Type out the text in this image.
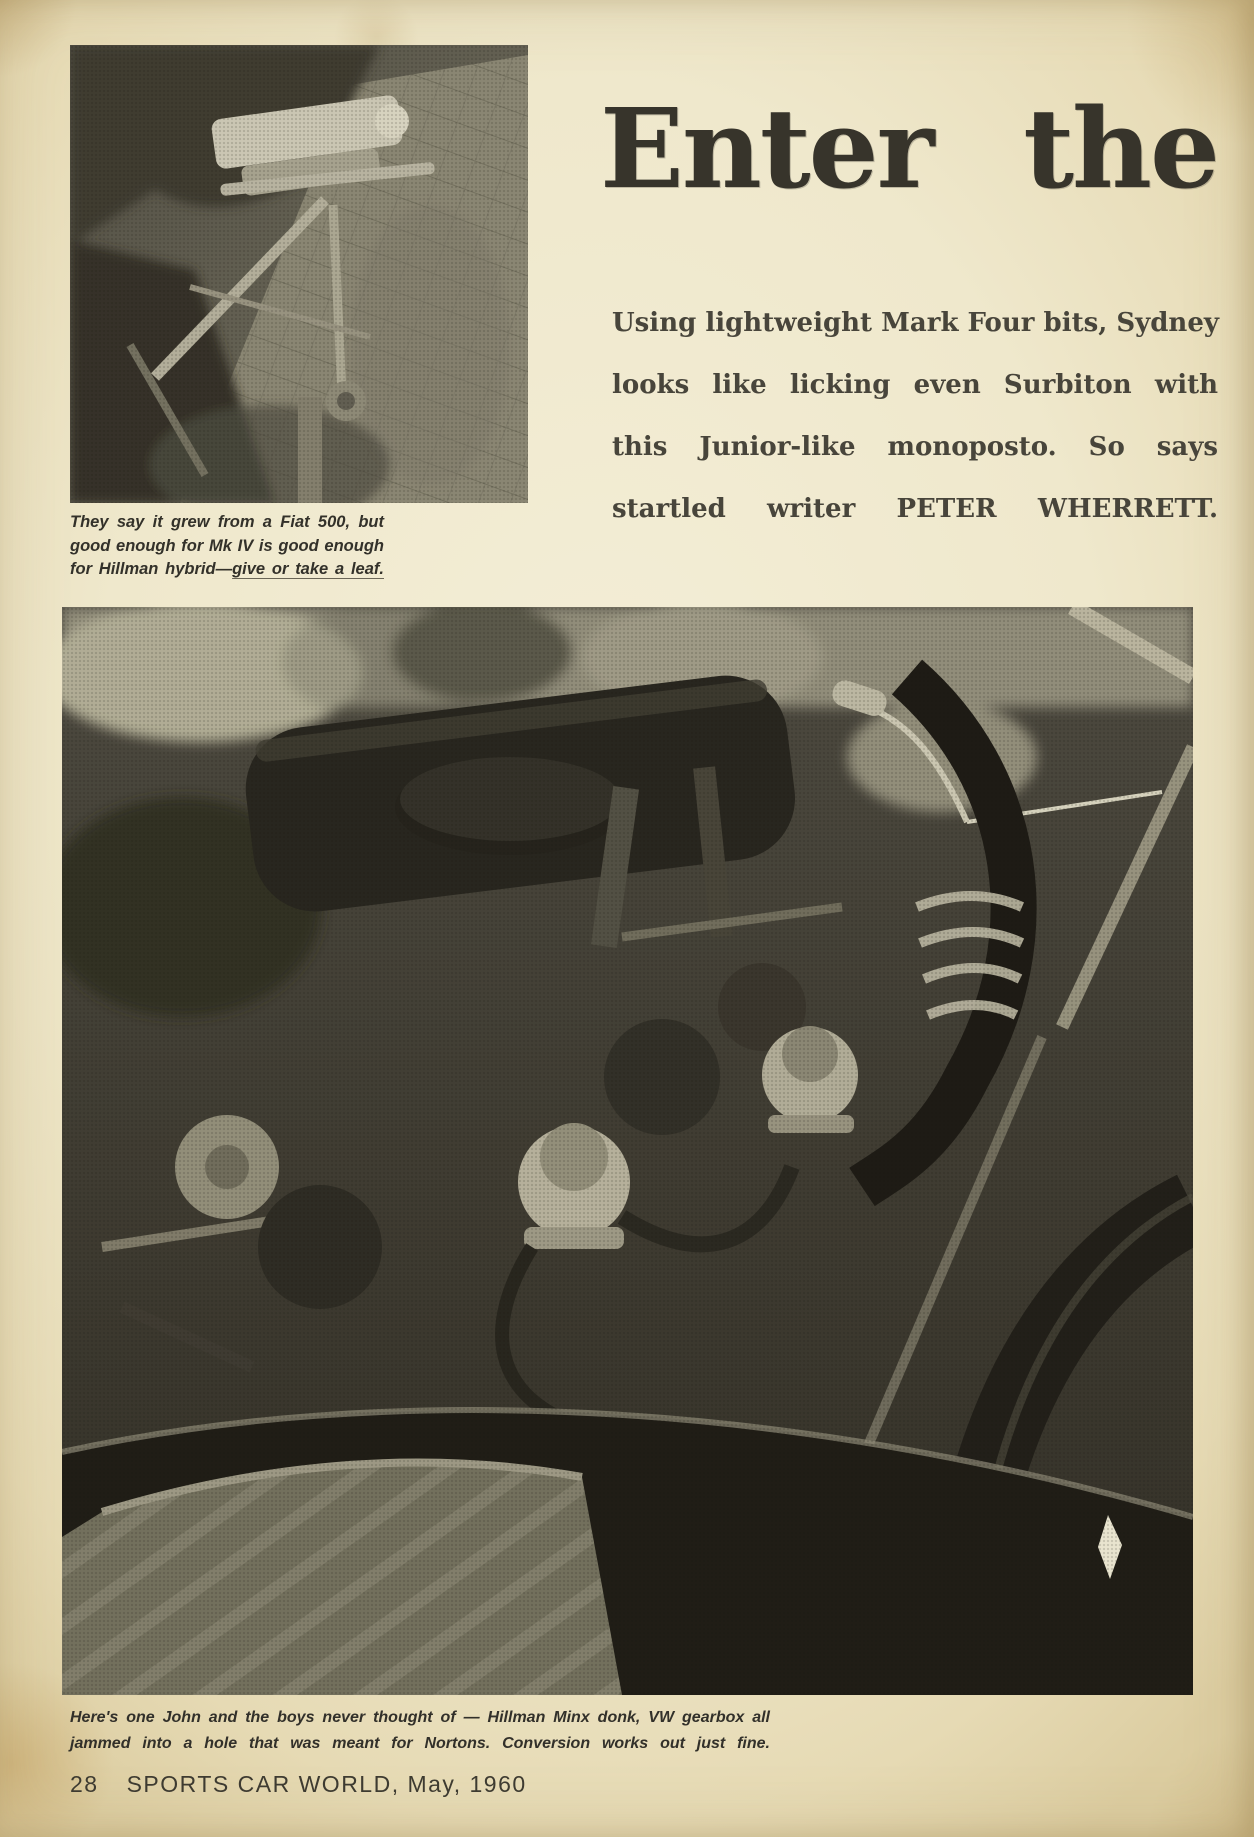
Enter the
Using lightweight Mark Four bits, Sydney
looks like licking even Surbiton with
this Junior-like monoposto. So says
startled writer PETER WHERRETT.
They say it grew from a Fiat 500, but
good enough for Mk IV is good enough
for Hillman hybrid—give or take a leaf.
Here's one John and the boys never thought of — Hillman Minx donk, VW gearbox all
jammed into a hole that was meant for Nortons. Conversion works out just fine.
28 SPORTS CAR WORLD, May, 1960
